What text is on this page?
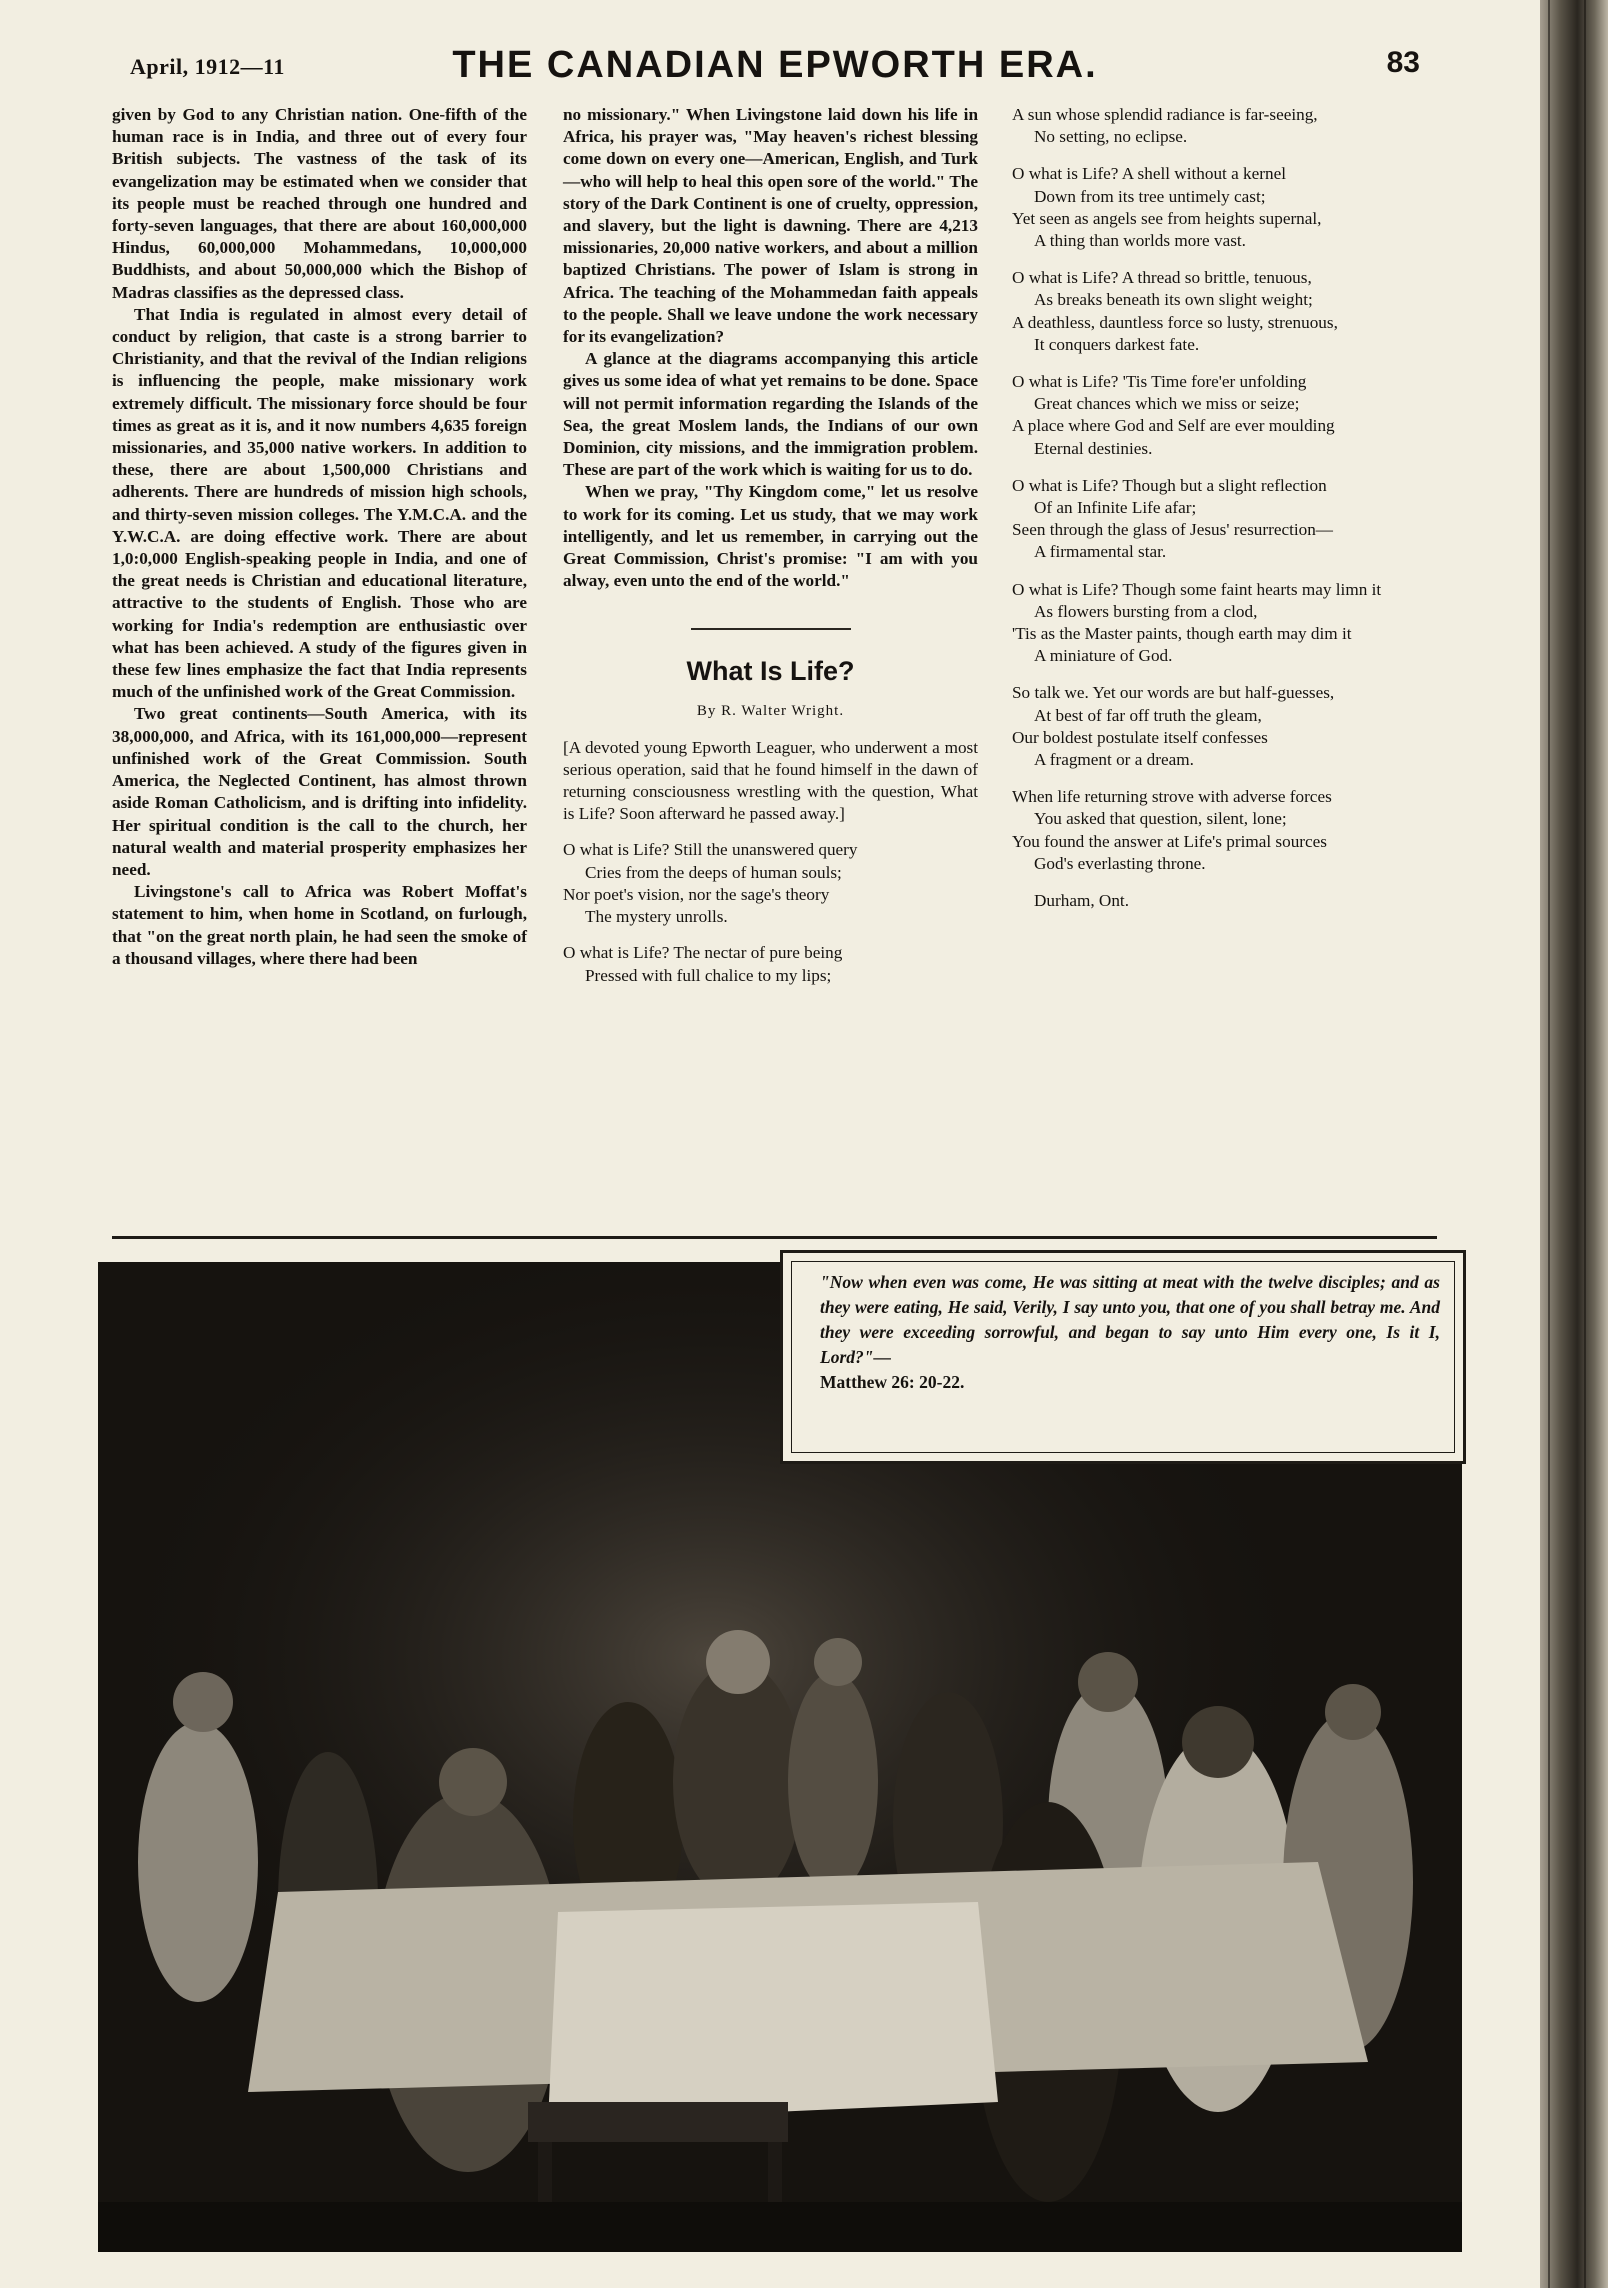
April, 1912—11	THE CANADIAN EPWORTH ERA.	83

given by God to any Christian nation. One-fifth of the human race is in India, and three out of every four British subjects. The vastness of the task of its evangelization may be estimated when we consider that its people must be reached through one hundred and forty-seven languages, that there are about 160,000,000 Hindus, 60,000,000 Mohammedans, 10,000,000 Buddhists, and about 50,000,000 which the Bishop of Madras classifies as the depressed class.

That India is regulated in almost every detail of conduct by religion, that caste is a strong barrier to Christianity, and that the revival of the Indian religions is influencing the people, make missionary work extremely difficult. The missionary force should be four times as great as it is, and it now numbers 4,635 foreign missionaries, and 35,000 native workers. In addition to these, there are about 1,500,000 Christians and adherents. There are hundreds of mission high schools, and thirty-seven mission colleges. The Y.M.C.A. and the Y.W.C.A. are doing effective work. There are about 1,0:0,000 English-speaking people in India, and one of the great needs is Christian and educational literature, attractive to the students of English. Those who are working for India's redemption are enthusiastic over what has been achieved. A study of the figures given in these few lines emphasize the fact that India represents much of the unfinished work of the Great Commission.

Two great continents—South America, with its 38,000,000, and Africa, with its 161,000,000—represent unfinished work of the Great Commission. South America, the Neglected Continent, has almost thrown aside Roman Catholicism, and is drifting into infidelity. Her spiritual condition is the call to the church, her natural wealth and material prosperity emphasizes her need.

Livingstone's call to Africa was Robert Moffat's statement to him, when home in Scotland, on furlough, that "on the great north plain, he had seen the smoke of a thousand villages, where there had been

no missionary." When Livingstone laid down his life in Africa, his prayer was, "May heaven's richest blessing come down on every one—American, English, and Turk—who will help to heal this open sore of the world." The story of the Dark Continent is one of cruelty, oppression, and slavery, but the light is dawning. There are 4,213 missionaries, 20,000 native workers, and about a million baptized Christians. The power of Islam is strong in Africa. The teaching of the Mohammedan faith appeals to the people. Shall we leave undone the work necessary for its evangelization?

A glance at the diagrams accompanying this article gives us some idea of what yet remains to be done. Space will not permit information regarding the Islands of the Sea, the great Moslem lands, the Indians of our own Dominion, city missions, and the immigration problem. These are part of the work which is waiting for us to do.

When we pray, "Thy Kingdom come," let us resolve to work for its coming. Let us study, that we may work intelligently, and let us remember, in carrying out the Great Commission, Christ's promise: "I am with you alway, even unto the end of the world."

What Is Life?
By R. Walter Wright.

[A devoted young Epworth Leaguer, who underwent a most serious operation, said that he found himself in the dawn of returning consciousness wrestling with the question, What is Life? Soon afterward he passed away.]

O what is Life? Still the unanswered query
Cries from the deeps of human souls;
Nor poet's vision, nor the sage's theory
The mystery unrolls.
O what is Life? The nectar of pure being
Pressed with full chalice to my lips;
A sun whose splendid radiance is far-seeing,
No setting, no eclipse.
O what is Life? A shell without a kernel
Down from its tree untimely cast;
Yet seen as angels see from heights supernal,
A thing than worlds more vast.
O what is Life? A thread so brittle, tenuous,
As breaks beneath its own slight weight;
A deathless, dauntless force so lusty, strenuous,
It conquers darkest fate.
O what is Life? 'Tis Time fore'er unfolding
Great chances which we miss or seize;
A place where God and Self are ever moulding
Eternal destinies.
O what is Life? Though but a slight reflection
Of an Infinite Life afar;
Seen through the glass of Jesus' resurrection—
A firmamental star.
O what is Life? Though some faint hearts may limn it
As flowers bursting from a clod,
'Tis as the Master paints, though earth may dim it
A miniature of God.
So talk we. Yet our words are but half-guesses,
At best of far off truth the gleam,
Our boldest postulate itself confesses
A fragment or a dream.
When life returning strove with adverse forces
You asked that question, silent, lone;
You found the answer at Life's primal sources
God's everlasting throne.
Durham, Ont.
"Now when even was come, He was sitting at meat with the twelve disciples; and as they were eating, He said, Verily, I say unto you, that one of you shall betray me. And they were exceeding sorrowful, and began to say unto Him every one, Is it I, Lord?"—
Matthew 26: 20-22.
